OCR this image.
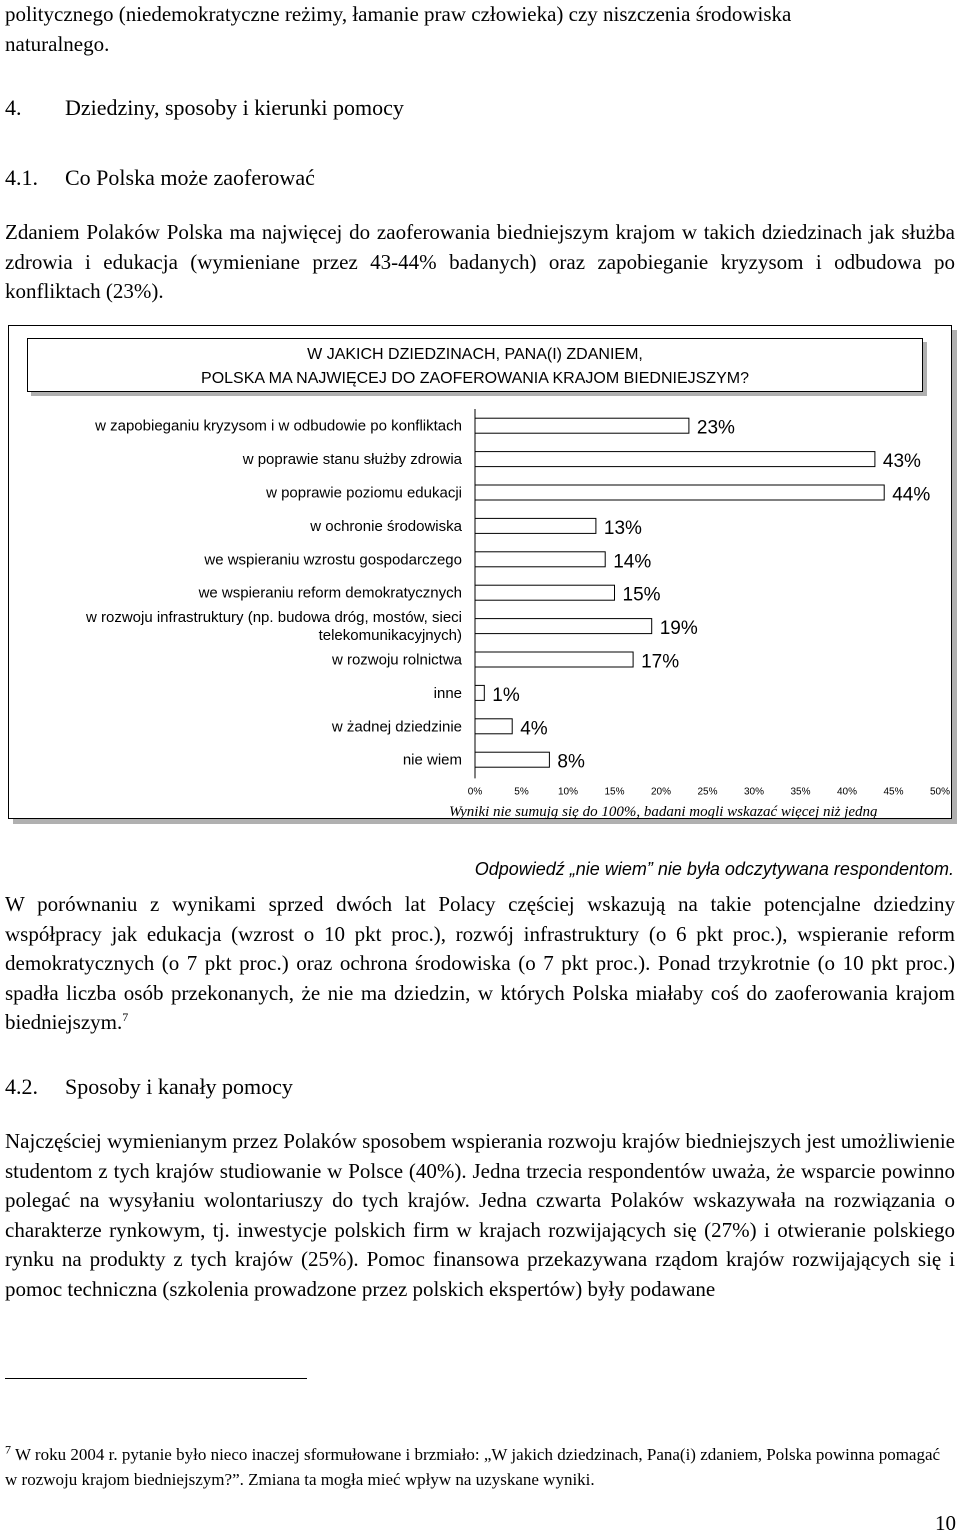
politycznego (niedemokratyczne reżimy, łamanie praw człowieka) czy niszczenia środowiska
naturalnego.
4. Dziedziny, sposoby i kierunki pomocy
4.1. Co Polska może zaoferować
Zdaniem Polaków Polska ma najwięcej do zaoferowania biedniejszym krajom w takich dziedzinach jak służba zdrowia i edukacja (wymieniane przez 43-44% badanych) oraz zapobieganie kryzysom i odbudowa po konfliktach (23%).
W JAKICH DZIEDZINACH, PANA(I) ZDANIEM,
POLSKA MA NAJWIĘCEJ DO ZAOFEROWANIA KRAJOM BIEDNIEJSZYM?
23%
w zapobieganiu kryzysom i w odbudowie po konfliktach
43%
w poprawie stanu służby zdrowia
44%
w poprawie poziomu edukacji
13%
w ochronie środowiska
14%
we wspieraniu wzrostu gospodarczego
15%
we wspieraniu reform demokratycznych
19%
w rozwoju infrastruktury (np. budowa dróg, mostów, sieci
telekomunikacyjnych)
17%
w rozwoju rolnictwa
1%
inne
4%
w żadnej dziedzinie
8%
nie wiem
0%	5%	10%	15%	20%	25%	30%	35%	40%	45%	50%
Wyniki nie sumują się do 100%, badani mogli wskazać więcej niż jedną
Odpowiedź „nie wiem” nie była odczytywana respondentom.
W porównaniu z wynikami sprzed dwóch lat Polacy częściej wskazują na takie potencjalne dziedziny współpracy jak edukacja (wzrost o 10 pkt proc.), rozwój infrastruktury (o 6 pkt proc.), wspieranie reform demokratycznych (o 7 pkt proc.) oraz ochrona środowiska (o 7 pkt proc.). Ponad trzykrotnie (o 10 pkt proc.) spadła liczba osób przekonanych, że nie ma dziedzin, w których Polska miałaby coś do zaoferowania krajom biedniejszym.$^7$
4.2. Sposoby i kanały pomocy
Najczęściej wymienianym przez Polaków sposobem wspierania rozwoju krajów biedniejszych jest umożliwienie studentom z tych krajów studiowanie w Polsce (40%). Jedna trzecia respondentów uważa, że wsparcie powinno polegać na wysyłaniu wolontariuszy do tych krajów. Jedna czwarta Polaków wskazywała na rozwiązania o charakterze rynkowym, tj. inwestycje polskich firm w krajach rozwijających się (27%) i otwieranie polskiego rynku na produkty z tych krajów (25%). Pomoc finansowa przekazywana rządom krajów rozwijających się i pomoc techniczna (szkolenia prowadzone przez polskich ekspertów) były podawane
$^7$ W roku 2004 r. pytanie było nieco inaczej sformułowane i brzmiało: „W jakich dziedzinach, Pana(i) zdaniem, Polska powinna pomagać w rozwoju krajom biedniejszym?”. Zmiana ta mogła mieć wpływ na uzyskane wyniki.
10
